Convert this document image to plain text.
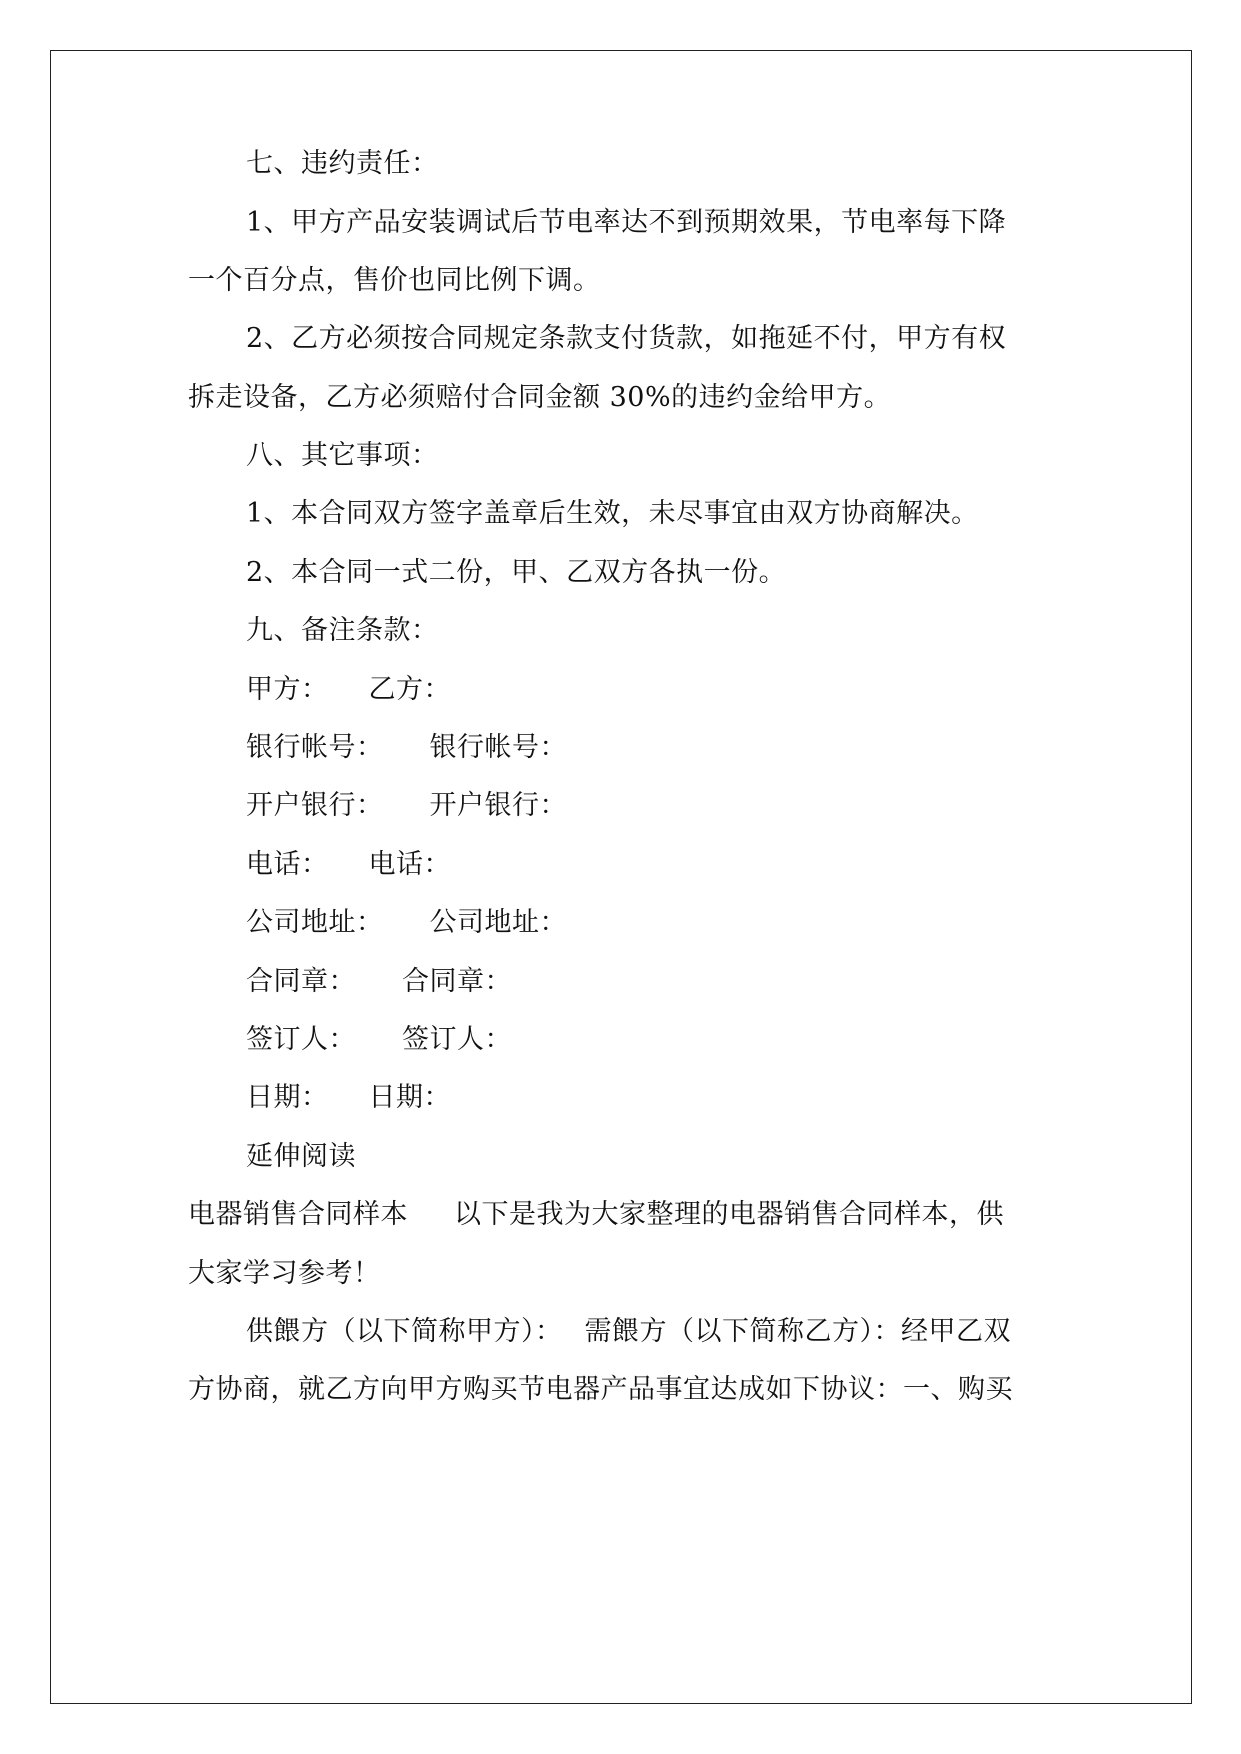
七、违约责任：
1、甲方产品安装调试后节电率达不到预期效果，节电率每下降
一个百分点，售价也同比例下调。
2、乙方必须按合同规定条款支付货款，如拖延不付，甲方有权
拆走设备，乙方必须赔付合同金额 30%的违约金给甲方。
八、其它事项：
1、本合同双方签字盖章后生效，未尽事宜由双方协商解决。
2、本合同一式二份，甲、乙双方各执一份。
九、备注条款：
甲方： 乙方：
银行帐号： 银行帐号：
开户银行： 开户银行：
电话： 电话：
公司地址： 公司地址：
合同章： 合同章：
签订人： 签订人：
日期： 日期：
延伸阅读
电器销售合同样本 以下是我为大家整理的电器销售合同样本，供
大家学习参考！
供餵方（以下简称甲方）： 需餵方（以下简称乙方）：经甲乙双
方协商，就乙方向甲方购买节电器产品事宜达成如下协议：一、购买
